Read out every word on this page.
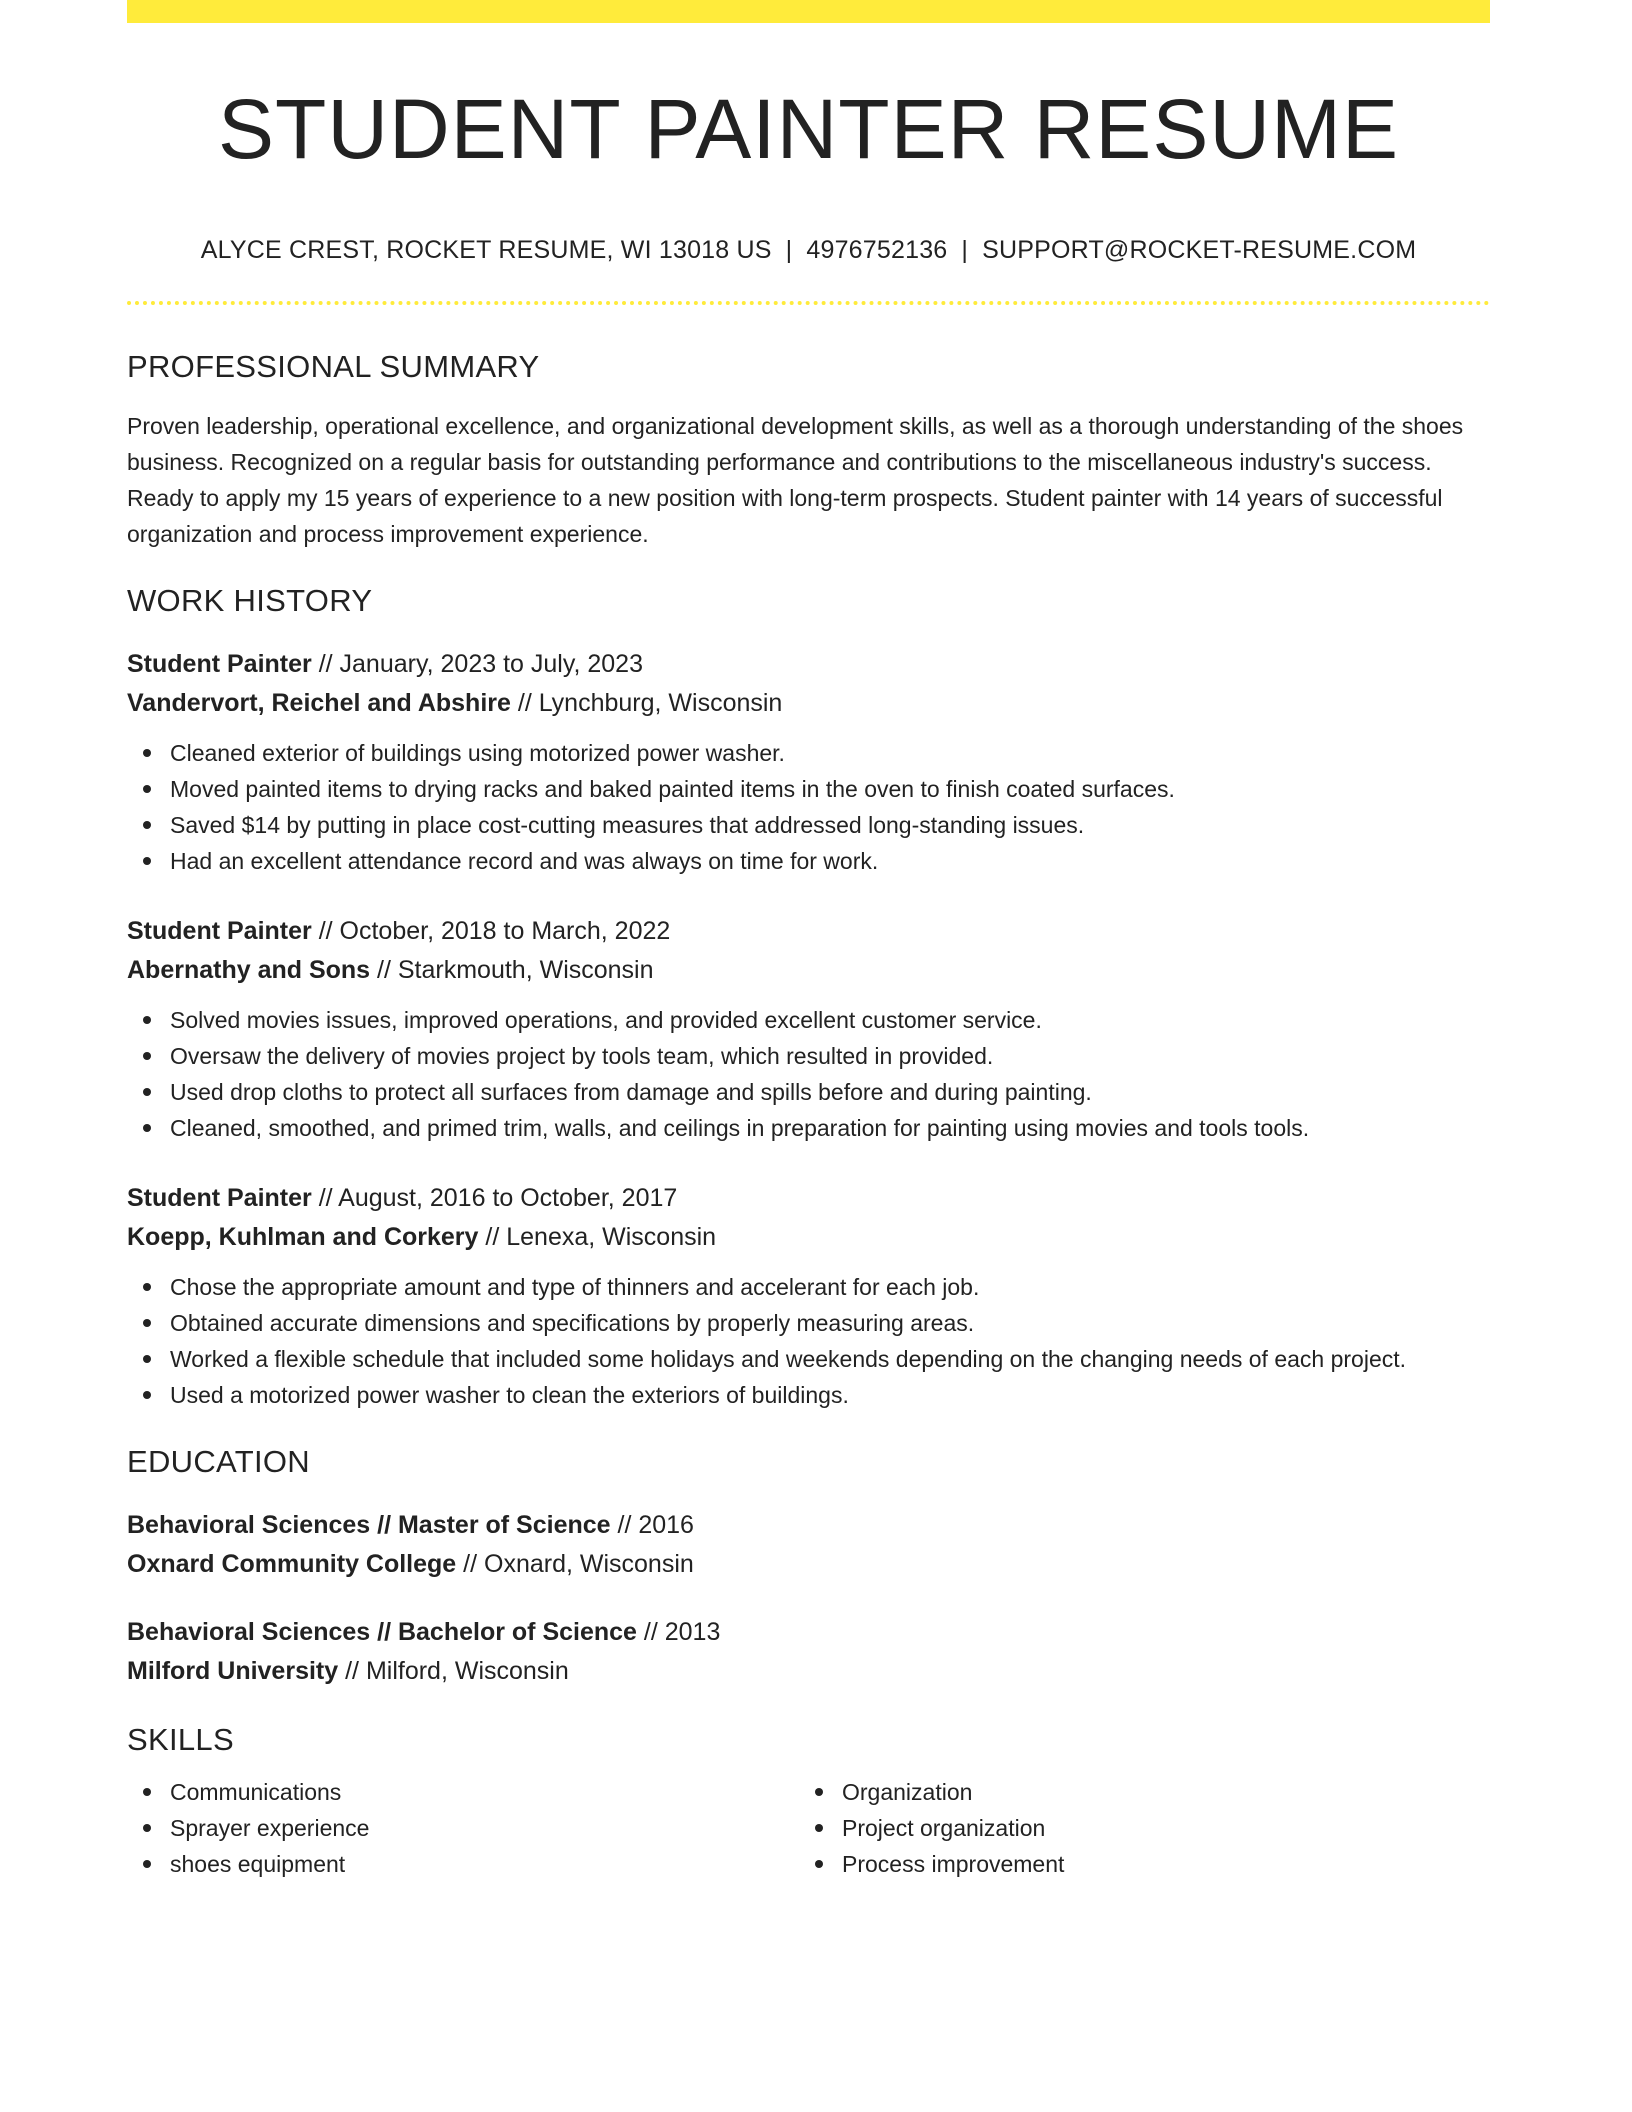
STUDENT PAINTER RESUME
ALYCE CREST, ROCKET RESUME, WI 13018 US | 4976752136 | SUPPORT@ROCKET-RESUME.COM
PROFESSIONAL SUMMARY

Proven leadership, operational excellence, and organizational development skills, as well as a thorough understanding of the shoes business. Recognized on a regular basis for outstanding performance and contributions to the miscellaneous industry's success. Ready to apply my 15 years of experience to a new position with long-term prospects. Student painter with 14 years of successful organization and process improvement experience.

WORK HISTORY
Student Painter // January, 2023 to July, 2023
Vandervort, Reichel and Abshire // Lynchburg, Wisconsin
Cleaned exterior of buildings using motorized power washer.
Moved painted items to drying racks and baked painted items in the oven to finish coated surfaces.
Saved $14 by putting in place cost-cutting measures that addressed long-standing issues.
Had an excellent attendance record and was always on time for work.
Student Painter // October, 2018 to March, 2022
Abernathy and Sons // Starkmouth, Wisconsin
Solved movies issues, improved operations, and provided excellent customer service.
Oversaw the delivery of movies project by tools team, which resulted in provided.
Used drop cloths to protect all surfaces from damage and spills before and during painting.
Cleaned, smoothed, and primed trim, walls, and ceilings in preparation for painting using movies and tools tools.
Student Painter // August, 2016 to October, 2017
Koepp, Kuhlman and Corkery // Lenexa, Wisconsin
Chose the appropriate amount and type of thinners and accelerant for each job.
Obtained accurate dimensions and specifications by properly measuring areas.
Worked a flexible schedule that included some holidays and weekends depending on the changing needs of each project.
Used a motorized power washer to clean the exteriors of buildings.
EDUCATION
Behavioral Sciences // Master of Science // 2016
Oxnard Community College // Oxnard, Wisconsin
Behavioral Sciences // Bachelor of Science // 2013
Milford University // Milford, Wisconsin
SKILLS
Communications
Sprayer experience
shoes equipment
Organization
Project organization
Process improvement
